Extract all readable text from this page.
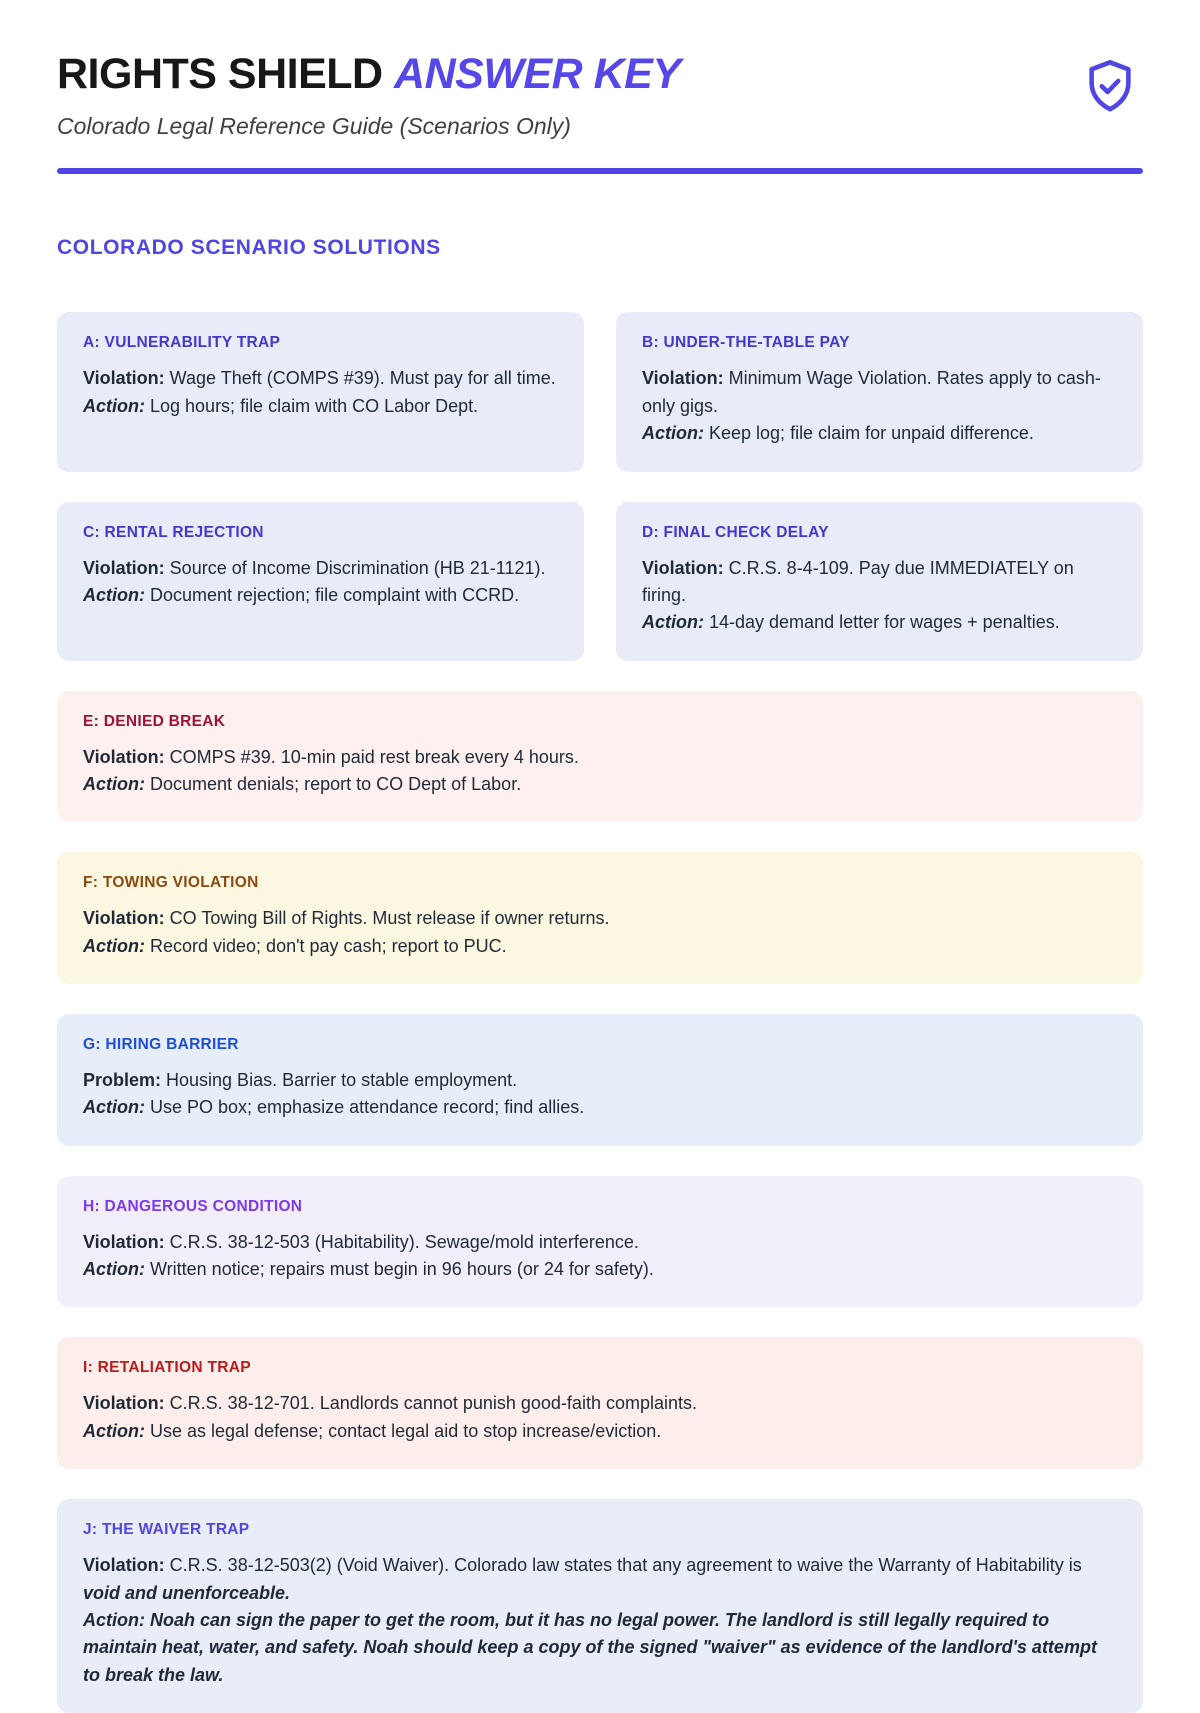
RIGHTS SHIELD ANSWER KEY

Colorado Legal Reference Guide (Scenarios Only)

COLORADO SCENARIO SOLUTIONS
A: VULNERABILITY TRAP

Violation: Wage Theft (COMPS #39). Must pay for all time.
Action: Log hours; file claim with CO Labor Dept.

B: UNDER-THE-TABLE PAY

Violation: Minimum Wage Violation. Rates apply to cash-only gigs.
Action: Keep log; file claim for unpaid difference.

C: RENTAL REJECTION

Violation: Source of Income Discrimination (HB 21-1121).
Action: Document rejection; file complaint with CCRD.

D: FINAL CHECK DELAY

Violation: C.R.S. 8-4-109. Pay due IMMEDIATELY on firing.
Action: 14-day demand letter for wages + penalties.

E: DENIED BREAK

Violation: COMPS #39. 10-min paid rest break every 4 hours.
Action: Document denials; report to CO Dept of Labor.

F: TOWING VIOLATION

Violation: CO Towing Bill of Rights. Must release if owner returns.
Action: Record video; don't pay cash; report to PUC.

G: HIRING BARRIER

Problem: Housing Bias. Barrier to stable employment.
Action: Use PO box; emphasize attendance record; find allies.

H: DANGEROUS CONDITION

Violation: C.R.S. 38-12-503 (Habitability). Sewage/mold interference.
Action: Written notice; repairs must begin in 96 hours (or 24 for safety).

I: RETALIATION TRAP

Violation: C.R.S. 38-12-701. Landlords cannot punish good-faith complaints.
Action: Use as legal defense; contact legal aid to stop increase/eviction.

J: THE WAIVER TRAP

Violation: C.R.S. 38-12-503(2) (Void Waiver). Colorado law states that any agreement to waive the Warranty of Habitability is void and unenforceable.
Action: Noah can sign the paper to get the room, but it has no legal power. The landlord is still legally required to maintain heat, water, and safety. Noah should keep a copy of the signed "waiver" as evidence of the landlord's attempt to break the law.
